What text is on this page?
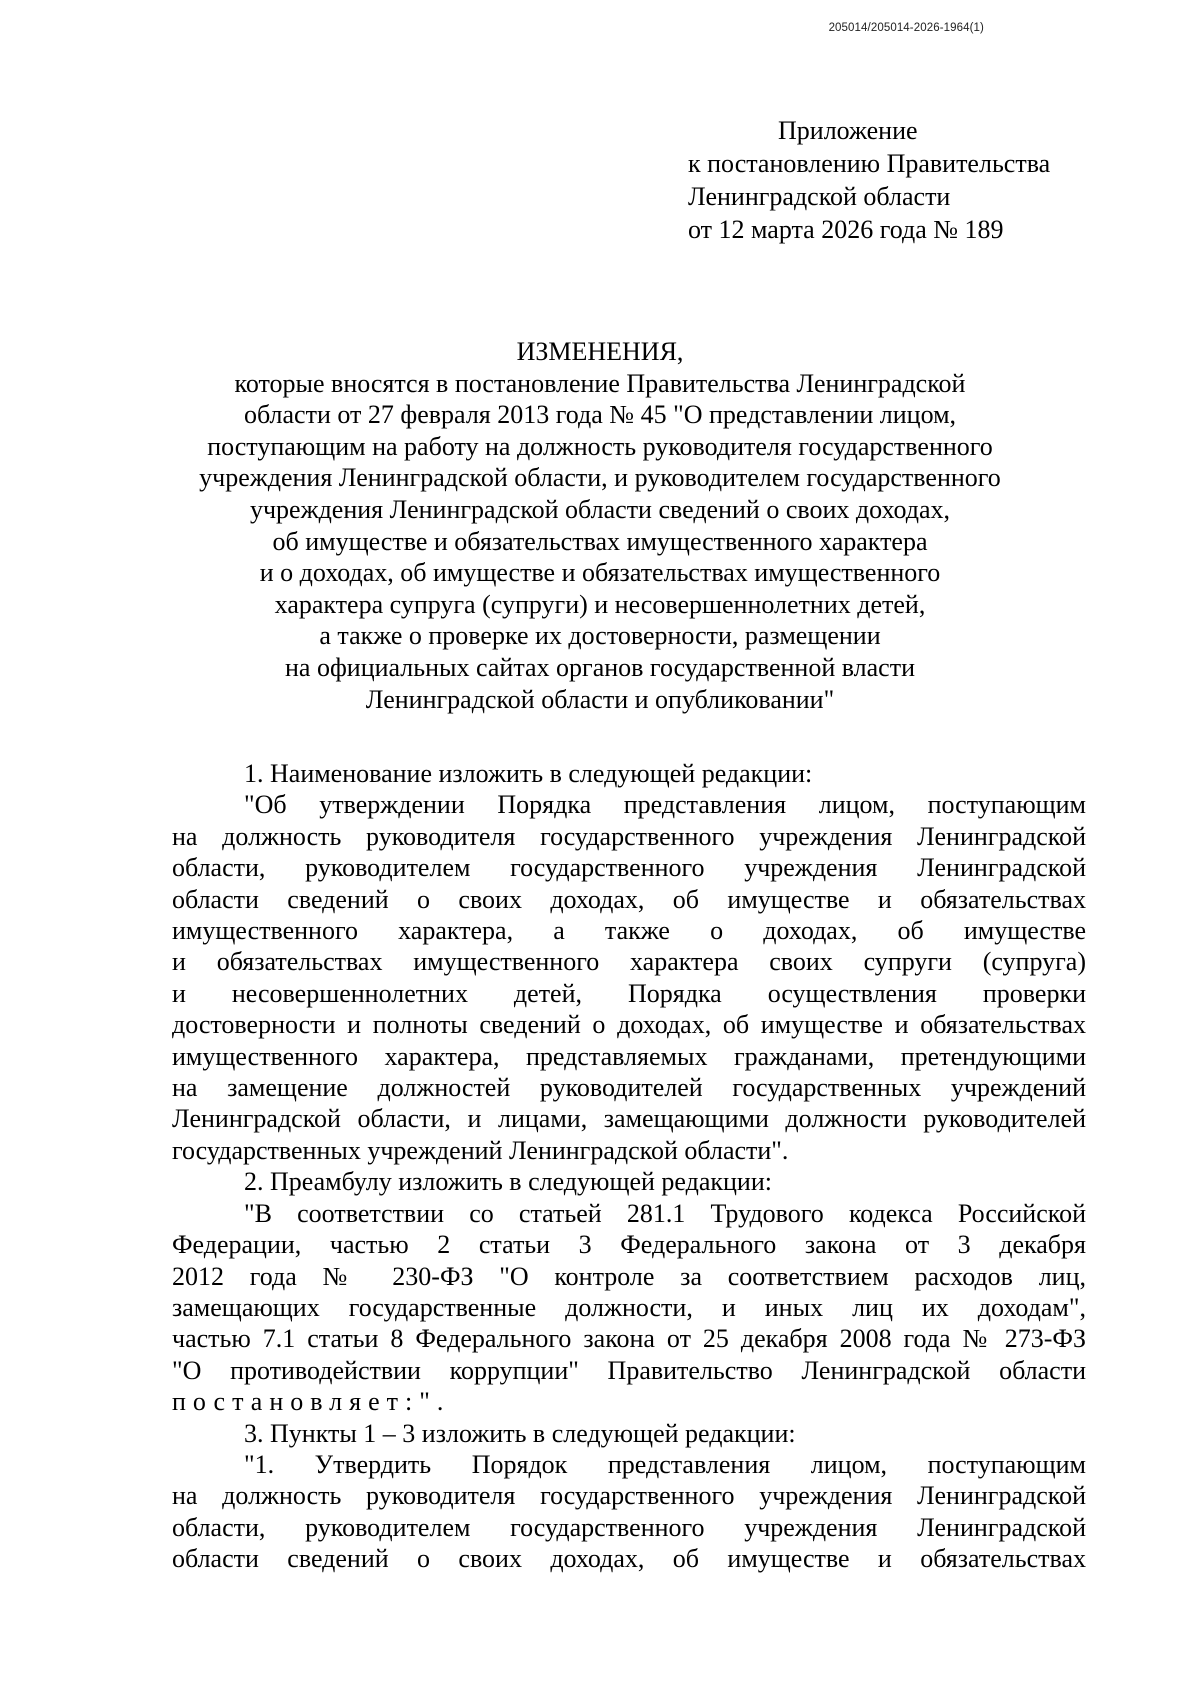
205014/205014-2026-1964(1)
Приложение
к постановлению Правительства
Ленинградской области
от 12 марта 2026 года № 189
ИЗМЕНЕНИЯ,
которые вносятся в постановление Правительства Ленинградской
области от 27 февраля 2013 года № 45 "О представлении лицом,
поступающим на работу на должность руководителя государственного
учреждения Ленинградской области, и руководителем государственного
учреждения Ленинградской области сведений о своих доходах,
об имуществе и обязательствах имущественного характера
и о доходах, об имуществе и обязательствах имущественного
характера супруга (супруги) и несовершеннолетних детей,
а также о проверке их достоверности, размещении
на официальных сайтах органов государственной власти
Ленинградской области и опубликовании"
1. Наименование изложить в следующей редакции:
"Об утверждении Порядка представления лицом, поступающим
на должность руководителя государственного учреждения Ленинградской
области, руководителем государственного учреждения Ленинградской
области сведений о своих доходах, об имуществе и обязательствах
имущественного характера, а также о доходах, об имуществе
и обязательствах имущественного характера своих супруги (супруга)
и несовершеннолетних детей, Порядка осуществления проверки
достоверности и полноты сведений о доходах, об имуществе и обязательствах
имущественного характера, представляемых гражданами, претендующими
на замещение должностей руководителей государственных учреждений
Ленинградской области, и лицами, замещающими должности руководителей
государственных учреждений Ленинградской области".
2. Преамбулу изложить в следующей редакции:
"В соответствии со статьей 281.1 Трудового кодекса Российской
Федерации, частью 2 статьи 3 Федерального закона от 3 декабря
2012 года № 230-ФЗ "О контроле за соответствием расходов лиц,
замещающих государственные должности, и иных лиц их доходам",
частью 7.1 статьи 8 Федерального закона от 25 декабря 2008 года № 273-ФЗ
"О противодействии коррупции" Правительство Ленинградской области
постановляет:".
3. Пункты 1 – 3 изложить в следующей редакции:
"1. Утвердить Порядок представления лицом, поступающим
на должность руководителя государственного учреждения Ленинградской
области, руководителем государственного учреждения Ленинградской
области сведений о своих доходах, об имуществе и обязательствах
